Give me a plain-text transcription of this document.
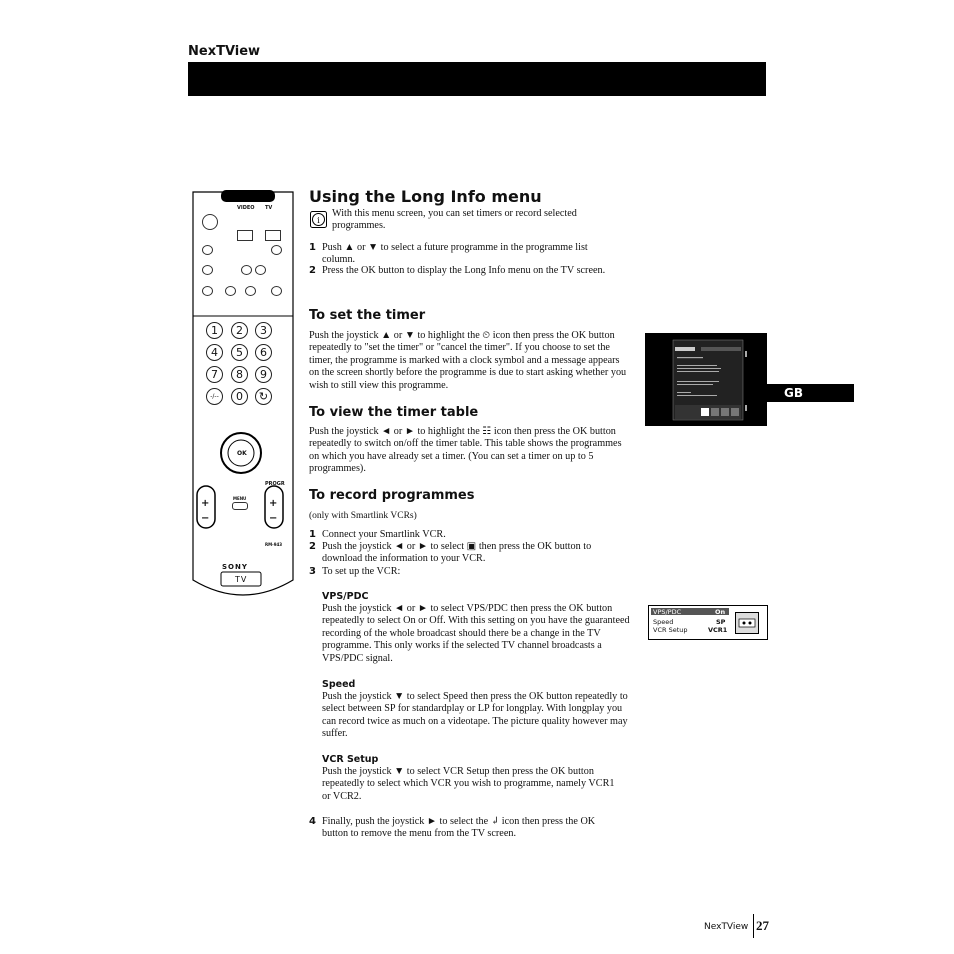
NexTView
VIDEO TV
1	2	3
4	5	6
7	8	9
-/--	0	↻
OK
PROGR
MENU
+	+
−	−
RM-943
SONY
TV
Using the Long Info menu
i
With this menu screen, you can set timers or record selected programmes.
1 Push ▲ or ▼ to select a future programme in the programme list column.
2 Press the OK button to display the Long Info menu on the TV screen.
To set the timer
Push the joystick ▲ or ▼ to highlight the ⏲ icon then press the OK button repeatedly to "set the timer" or "cancel the timer". If you choose to set the timer, the programme is marked with a clock symbol and a message appears on the screen shortly before the programme is due to start asking whether you wish to still view this programme.
GB
To view the timer table
Push the joystick ◄ or ► to highlight the ☷ icon then press the OK button repeatedly to switch on/off the timer table. This table shows the programmes on which you have already set a timer. (You can set a timer on up to 5 programmes).
To record programmes
(only with Smartlink VCRs)
1 Connect your Smartlink VCR.
2 Push the joystick ◄ or ► to select ▣ then press the OK button to download the information to your VCR.
3 To set up the VCR:
VPS/PDC
Push the joystick ◄ or ► to select VPS/PDC then press the OK button repeatedly to select On or Off. With this setting on you have the guaranteed recording of the whole broadcast should there be a change in the TV programme. This only works if the selected TV channel broadcasts a VPS/PDC signal.
Speed
Push the joystick ▼ to select Speed then press the OK button repeatedly to select between SP for standardplay or LP for longplay. With longplay you can record twice as much on a videotape. The picture quality however may suffer.
VCR Setup
Push the joystick ▼ to select VCR Setup then press the OK button repeatedly to select which VCR you wish to programme, namely VCR1 or VCR2.
4 Finally, push the joystick ► to select the ↲ icon then press the OK button to remove the menu from the TV screen.
VPS/PDC	On
Speed	SP
VCR Setup	VCR1
NexTView 27
